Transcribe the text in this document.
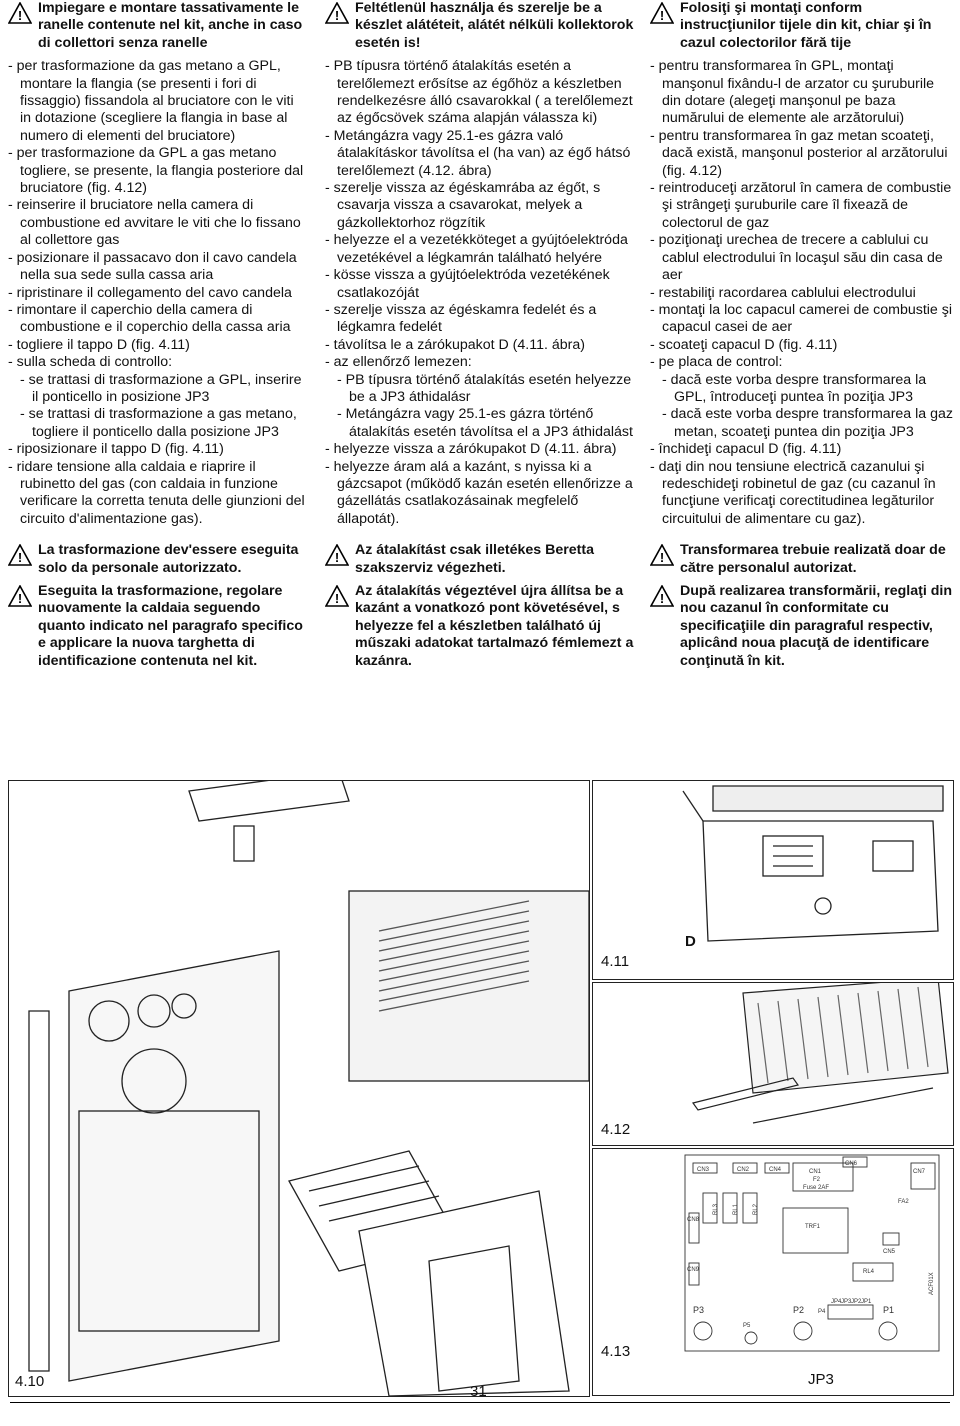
! Impiegare e montare tassativamente le ranelle contenute nel kit, anche in caso di collettori senza ranelle

- per trasformazione da gas metano a GPL, montare la flangia (se presenti i fori di fissaggio) fissandola al bruciatore con le viti in dotazione (scegliere la flangia in base al numero di elementi del bruciatore)

- per trasformazione da GPL a gas metano togliere, se presente, la flangia posteriore dal bruciatore (fig. 4.12)

- reinserire il bruciatore nella camera di combustione ed avvitare le viti che lo fissano al collettore gas

- posizionare il passacavo don il cavo candela nella sua sede sulla cassa aria

- ripristinare il collegamento del cavo candela

- rimontare il caperchio della camera di combustione e il coperchio della cassa aria

- togliere il tappo D (fig. 4.11)

- sulla scheda di controllo:

- se trattasi di trasformazione a GPL, inserire il ponticello in posizione JP3

- se trattasi di trasformazione a gas metano, togliere il ponticello dalla posizione JP3

- riposizionare il tappo D (fig. 4.11)

- ridare tensione alla caldaia e riaprire il rubinetto del gas (con caldaia in funzione verificare la corretta tenuta delle giunzioni del circuito d'alimentazione gas).

! La trasformazione dev'essere eseguita solo da personale autorizzato.
! Eseguita la trasformazione, regolare nuovamente la caldaia seguendo quanto indicato nel paragrafo specifico e applicare la nuova targhetta di identificazione contenuta nel kit.
! Feltétlenül használja és szerelje be a készlet alátéteit, alátét nélküli kollektorok esetén is!

- PB típusra történő átalakítás esetén a terelőlemezt erősítse az égőhöz a készletben rendelkezésre álló csavarokkal ( a terelőlemezt az égőcsövek száma alapján válassza ki)

- Metángázra vagy 25.1-es gázra való átalakításkor távolítsa el (ha van) az égő hátsó terelőlemezt (4.12. ábra)

- szerelje vissza az égéskamrába az égőt, s csavarja vissza a csavarokat, melyek a gázkollektorhoz rögzítik

- helyezze el a vezetékköteget a gyújtóelektróda vezetékével a légkamrán található helyére

- kösse vissza a gyújtóelektróda vezetékének csatlakozóját

- szerelje vissza az égéskamra fedelét és a légkamra fedelét

- távolítsa le a zárókupakot D (4.11. ábra)

- az ellenőrző lemezen:

- PB típusra történő átalakítás esetén helyezze be a JP3 áthidalásr

- Metángázra vagy 25.1-es gázra történő átalakítás esetén távolítsa el a JP3 áthidalást

- helyezze vissza a zárókupakot D (4.11. ábra)

- helyezze áram alá a kazánt, s nyissa ki a gázcsapot (működő kazán esetén ellenőrizze a gázellátás csatlakozásainak megfelelő állapotát).

! Az átalakítást csak illetékes Beretta szakszerviz végezheti.
! Az átalakítás végeztével újra állítsa be a kazánt a vonatkozó pont követésével, s helyezze fel a készletben található új műszaki adatokat tartalmazó fémlemezt a kazánra.
! Folosiţi şi montaţi conform instrucţiunilor tijele din kit, chiar şi în cazul colectorilor fără tije

- pentru transformarea în GPL, montaţi manşonul fixându-l de arzator cu şuruburile din dotare (alegeţi manşonul pe baza numărului de elemente ale arzătorului)

- pentru transformarea în gaz metan scoateţi, dacă există, manşonul posterior al arzătorului (fig. 4.12)

- reintroduceţi arzătorul în camera de combustie şi strângeţi şuruburile care îl fixează de colectorul de gaz

- poziţionaţi urechea de trecere a cablului cu cablul electrodului în locaşul său din casa de aer

- restabiliţi racordarea cablului electrodului

- montaţi la loc capacul camerei de combustie şi capacul casei de aer

- scoateţi capacul D (fig. 4.11)

- pe placa de control:

- dacă este vorba despre transformarea la GPL, întroduceţi puntea în poziţia JP3

- dacă este vorba despre transformarea la gaz metan, scoateţi puntea din poziţia JP3

- închideţi capacul D (fig. 4.11)

- daţi din nou tensiune electrică cazanului şi redeschideţi robinetul de gaz (cu cazanul în funcţiune verificaţi corectitudinea legăturilor circuitului de alimentare cu gaz).

! Transformarea trebuie realizată doar de către personalul autorizat.
! După realizarea transformării, reglaţi din nou cazanul în conformitate cu specificaţiile din paragraful respectiv, aplicând noua placuţă de identificare conţinută în kit.
4.10
4.11
D
4.12
4.13
CN3	CN2	CN4
CN6
CN1	CN7
F2
Fuse 2AF
RL3 RL1 RL2
FA2
CN8
TRF1
CN5
CN9	RL4
ACF01X
P3	P2 P4
P5
P1
JP4 JP3 JP2 JP1
JP3
31
